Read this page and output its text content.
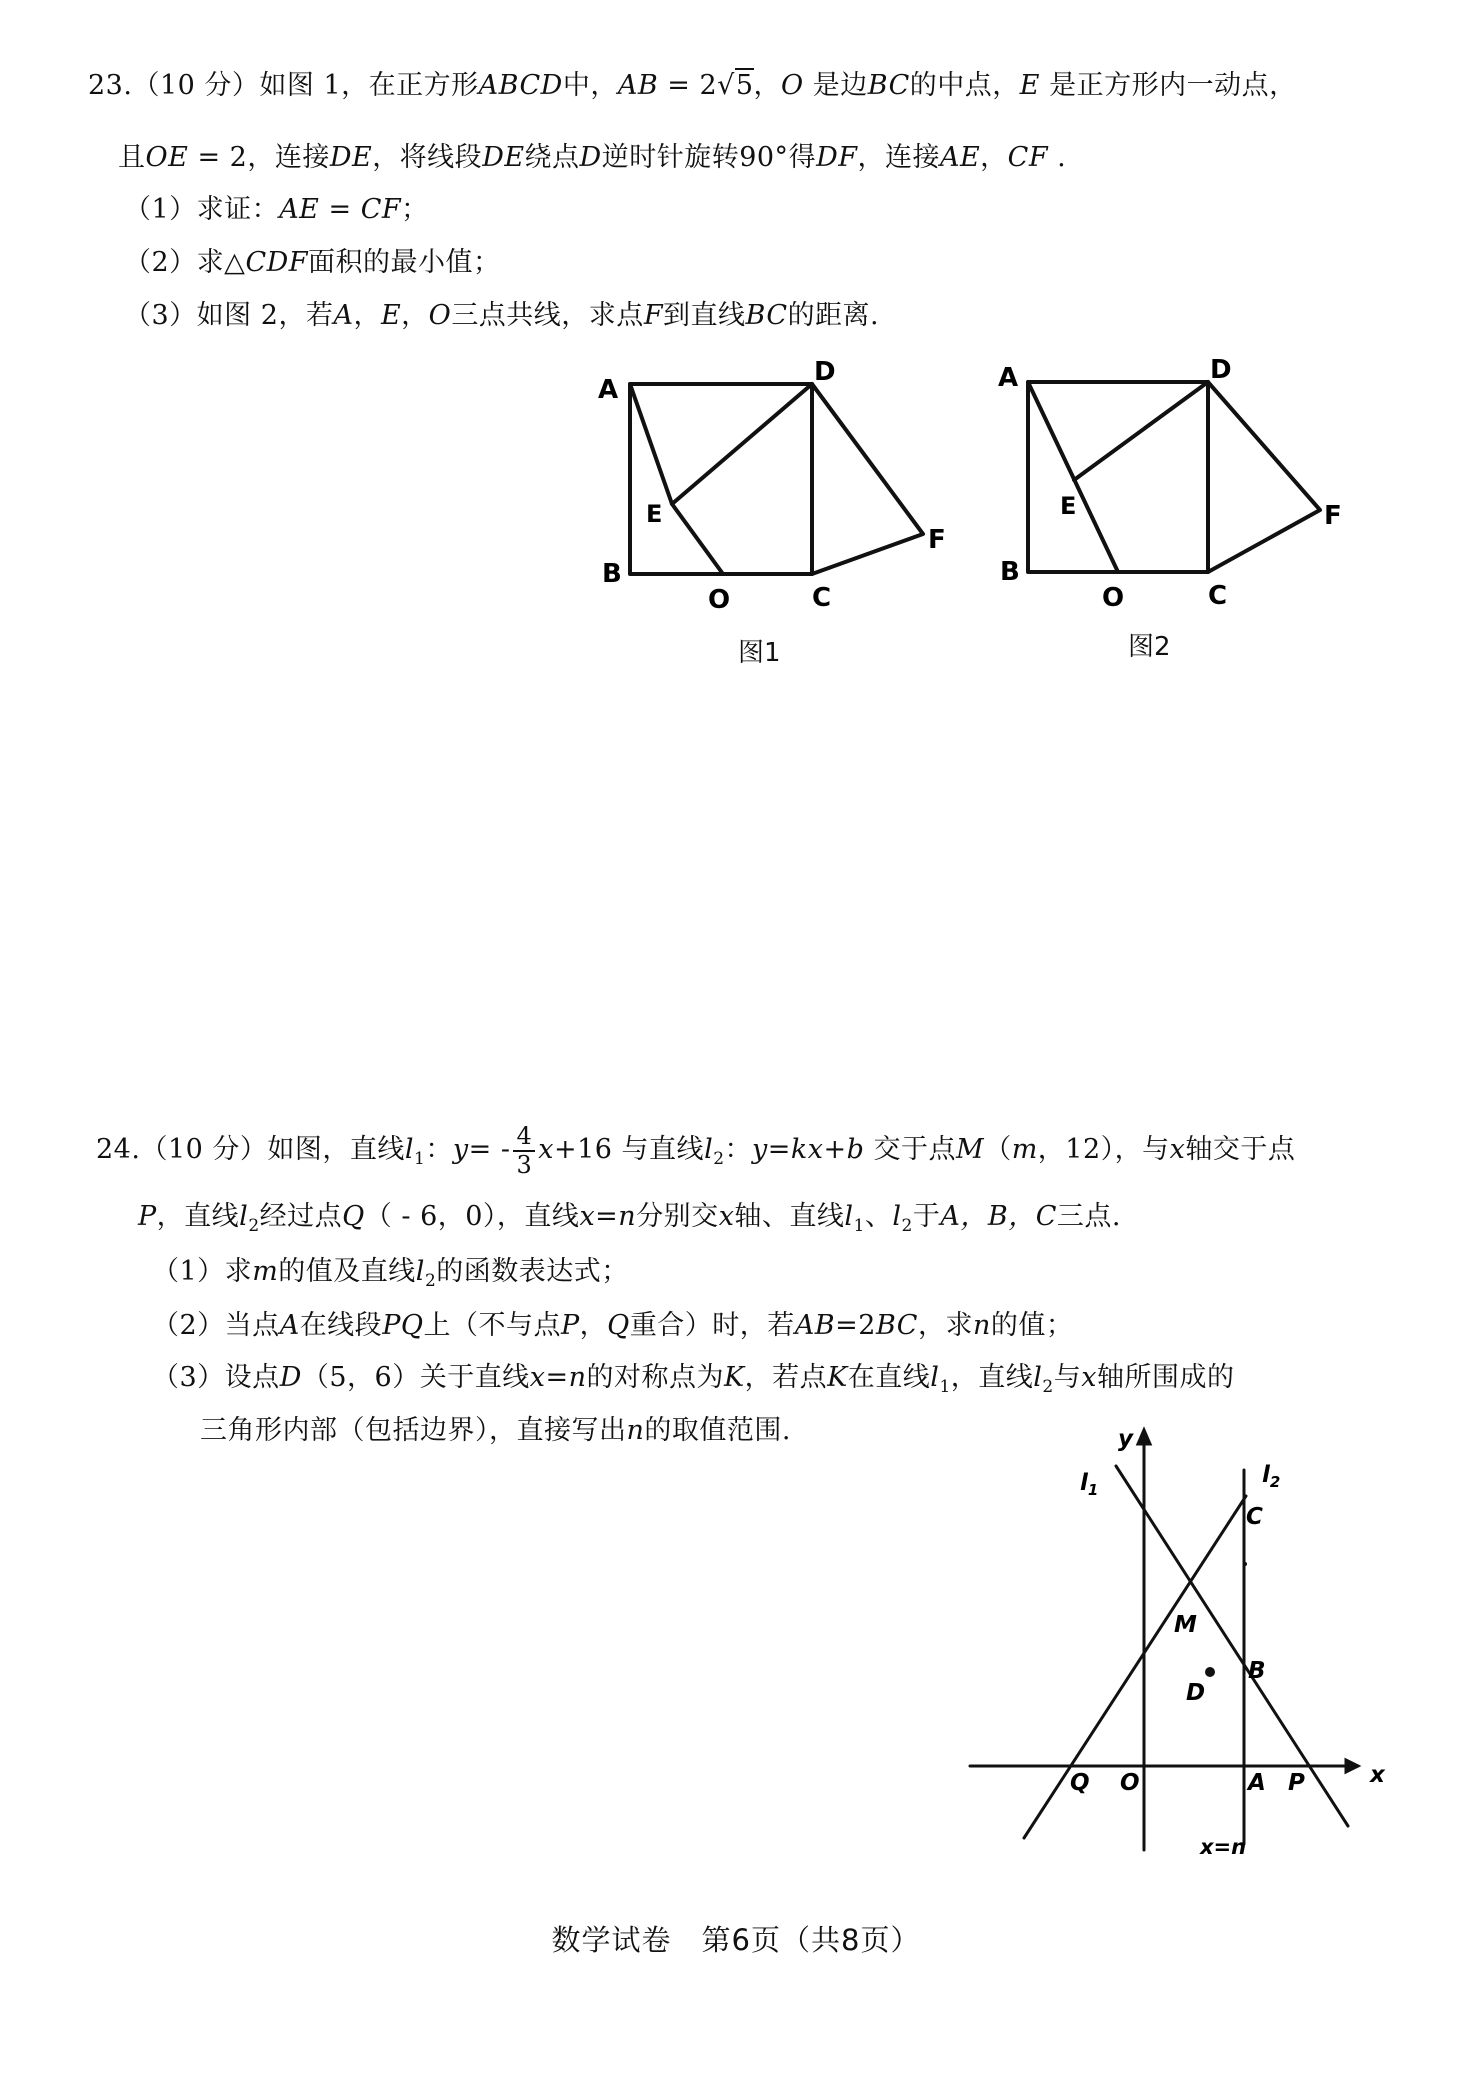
23.（10 分）如图 1，在正方形ABCD中，AB = 2√5，O 是边BC的中点，E 是正方形内一动点，
且OE = 2，连接DE，将线段DE绕点D逆时针旋转90°得DF，连接AE，CF .
（1）求证：AE = CF；
（2）求△CDF面积的最小值；
（3）如图 2，若A，E，O三点共线，求点F到直线BC的距离.
A
D
E
F
B
O	C
图1
A	D
E	F
B
O	C
图2
24.（10 分）如图，直线$l_1$：$y= - \frac{4}{3} x+16$ 与直线$l_2$：y=kx+b 交于点M（m，12），与x轴交于点
P，直线$l_2$经过点Q（ - 6，0），直线x=n分别交x轴、直线$l_1$、$l_2$于A，B，C三点.
（1）求m的值及直线$l_2$的函数表达式；
（2）当点A在线段PQ上（不与点P，Q重合）时，若AB=2BC，求n的值；
（3）设点D（5，6）关于直线x=n的对称点为K，若点K在直线$l_1$，直线$l_2$与x轴所围成的
三角形内部（包括边界），直接写出n的取值范围.	y
x
$l_1$
$l_2$
C
M
B
D
Q O	A P
x=n
数学试卷　第6页（共8页）
